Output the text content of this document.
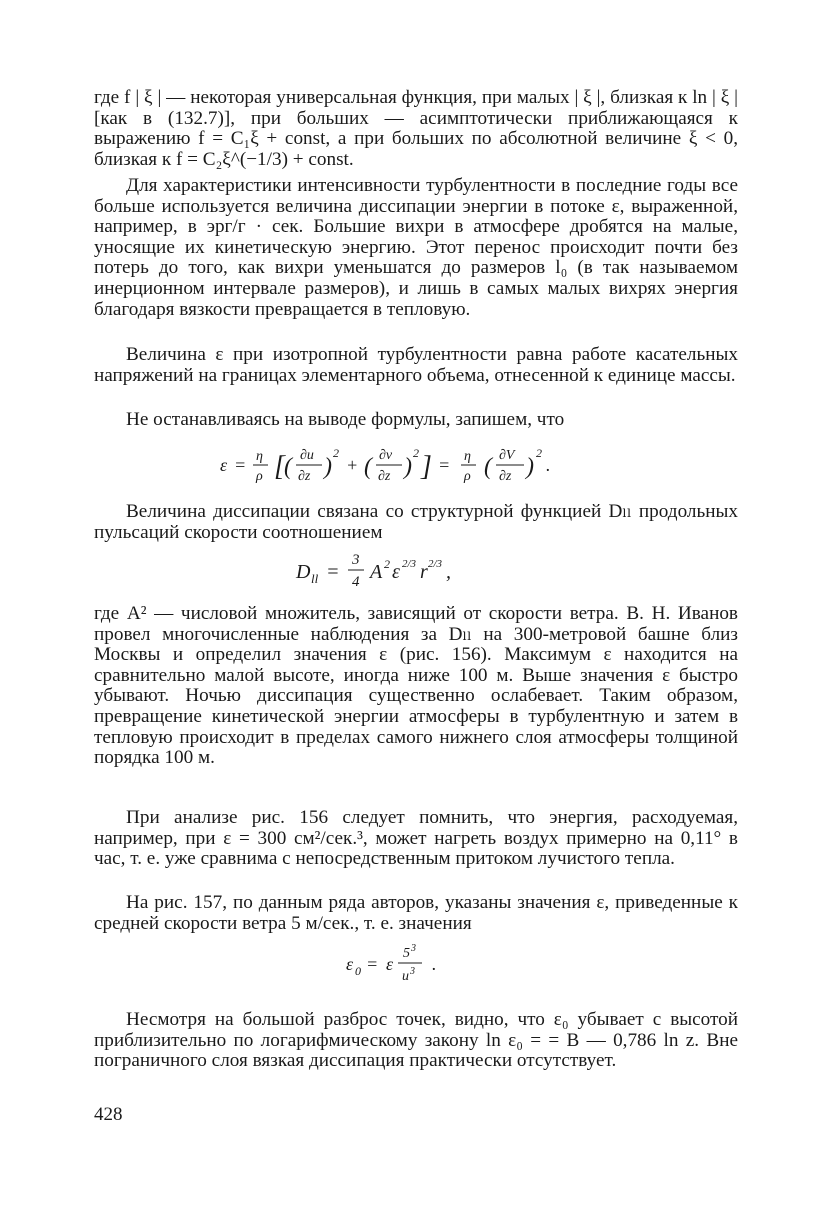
где f | ξ | — некоторая универсальная функция, при малых | ξ |, близкая к ln | ξ | [как в (132.7)], при больших — асимптотически приближающаяся к выражению f = C₁ξ + const, а при больших по абсолютной величине ξ < 0, близкая к f = C₂ξ^(−1/3) + const.

Для характеристики интенсивности турбулентности в последние годы все больше используется величина диссипации энергии в потоке ε, выраженной, например, в эрг/г · сек. Большие вихри в атмосфере дробятся на малые, уносящие их кинетическую энергию. Этот перенос происходит почти без потерь до того, как вихри уменьшатся до размеров l₀ (в так называемом инерционном интервале размеров), и лишь в самых малых вихрях энергия благодаря вязкости превращается в тепловую.

Величина ε при изотропной турбулентности равна работе касательных напряжений на границах элементарного объема, отнесенной к единице массы.

Не останавливаясь на выводе формулы, запишем, что

ε = η
ρ [ ( ∂u
∂z )
2
+ ( ∂v
∂z )
2 ] = η
ρ ( ∂V
∂z )
2
.

Величина диссипации связана со структурной функцией Dₗₗ продольных пульсаций скорости соотношением

D ll =
3
4 A 2 ε 2/3 r 2/3 ,

где A² — числовой множитель, зависящий от скорости ветра. В. Н. Иванов провел многочисленные наблюдения за Dₗₗ на 300-метровой башне близ Москвы и определил значения ε (рис. 156). Максимум ε находится на сравнительно малой высоте, иногда ниже 100 м. Выше значения ε быстро убывают. Ночью диссипация существенно ослабевает. Таким образом, превращение кинетической энергии атмосферы в турбулентную и затем в тепловую происходит в пределах самого нижнего слоя атмосферы толщиной порядка 100 м.

При анализе рис. 156 следует помнить, что энергия, расходуемая, например, при ε = 300 см²/сек.³, может нагреть воздух примерно на 0,11° в час, т. е. уже сравнима с непосредственным притоком лучистого тепла.

На рис. 157, по данным ряда авторов, указаны значения ε, приведенные к средней скорости ветра 5 м/сек., т. е. значения

ε 0 = ε
5 3
u 3 .

Несмотря на большой разброс точек, видно, что ε₀ убывает с высотой приблизительно по логарифмическому закону ln ε₀ = = B — 0,786 ln z. Вне пограничного слоя вязкая диссипация практически отсутствует.

428
